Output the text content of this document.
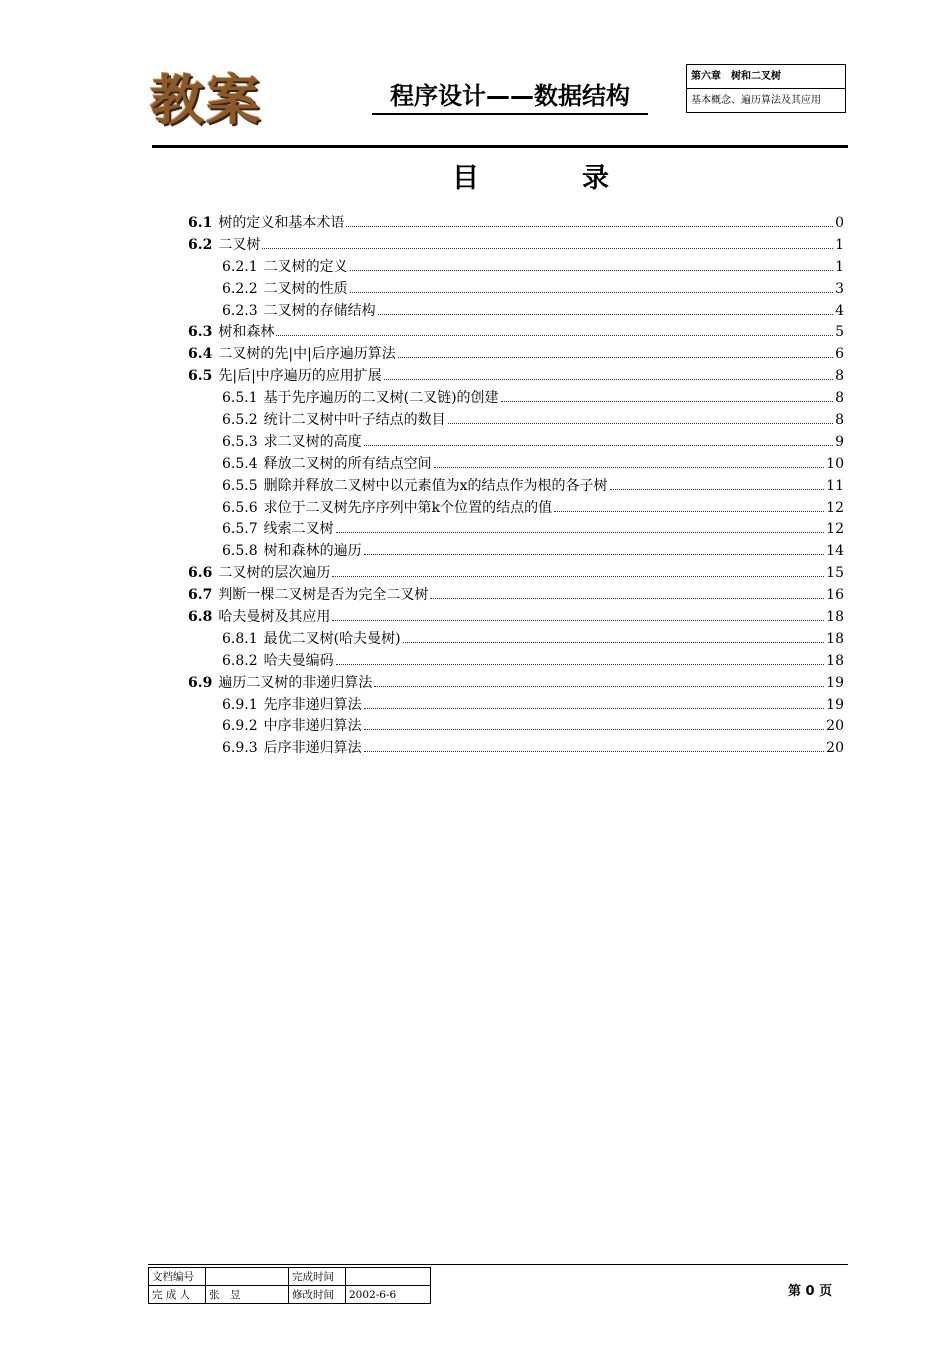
教案	程序设计——数据结构
第六章　树和二叉树
基本概念、遍历算法及其应用
目　录
6.1 树的定义和基本术语	0
6.2 二叉树	1
6.2.1 二叉树的定义	1
6.2.2 二叉树的性质	3
6.2.3 二叉树的存储结构	4
6.3 树和森林	5
6.4 二叉树的先|中|后序遍历算法	6
6.5 先|后|中序遍历的应用扩展	8
6.5.1 基于先序遍历的二叉树(二叉链)的创建	8
6.5.2 统计二叉树中叶子结点的数目	8
6.5.3 求二叉树的高度	9
6.5.4 释放二叉树的所有结点空间	10
6.5.5 删除并释放二叉树中以元素值为x的结点作为根的各子树	11
6.5.6 求位于二叉树先序序列中第k个位置的结点的值	12
6.5.7 线索二叉树	12
6.5.8 树和森林的遍历	14
6.6 二叉树的层次遍历	15
6.7 判断一棵二叉树是否为完全二叉树	16
6.8 哈夫曼树及其应用	18
6.8.1 最优二叉树(哈夫曼树)	18
6.8.2 哈夫曼编码	18
6.9 遍历二叉树的非递归算法	19
6.9.1 先序非递归算法	19
6.9.2 中序非递归算法	20
6.9.3 后序非递归算法	20
文档编号		完成时间	
完 成 人	张　昱	修改时间	2002-6-6	第 0 页
